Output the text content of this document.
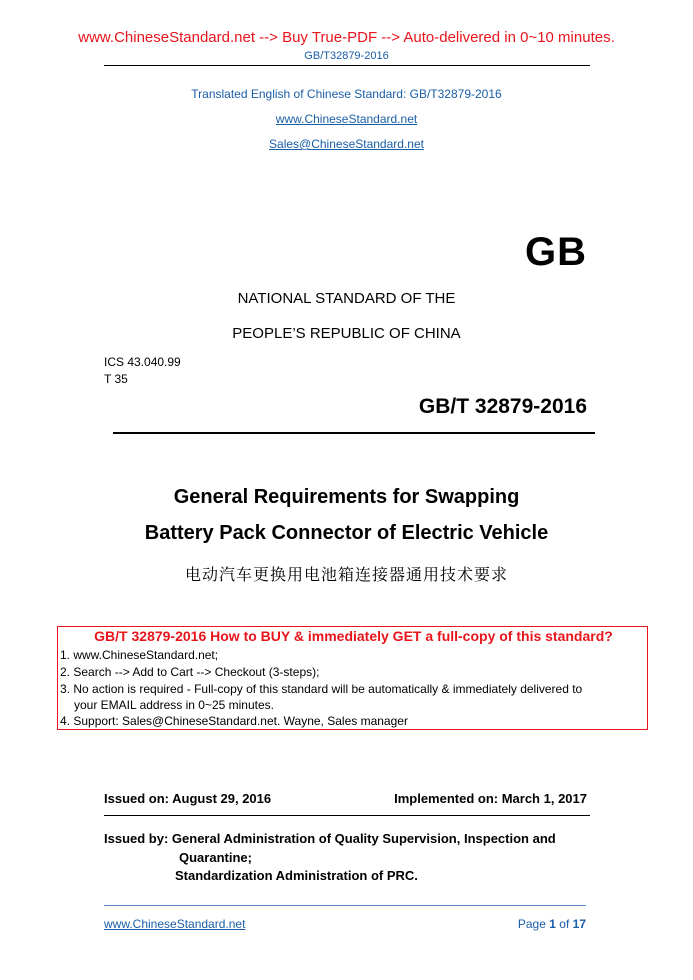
www.ChineseStandard.net --> Buy True-PDF --> Auto-delivered in 0~10 minutes.
GB/T32879-2016
Translated English of Chinese Standard: GB/T32879-2016
www.ChineseStandard.net
Sales@ChineseStandard.net
GB
NATIONAL STANDARD OF THE
PEOPLE’S REPUBLIC OF CHINA
ICS 43.040.99
T 35
GB/T 32879-2016
General Requirements for Swapping
Battery Pack Connector of Electric Vehicle
电动汽车更换用电池箱连接器通用技术要求
GB/T 32879-2016 How to BUY & immediately GET a full-copy of this standard?
1. www.ChineseStandard.net;
2. Search --> Add to Cart --> Checkout (3-steps);
3. No action is required - Full-copy of this standard will be automatically & immediately delivered to
your EMAIL address in 0~25 minutes.
4. Support: Sales@ChineseStandard.net. Wayne, Sales manager
Issued on: August 29, 2016	Implemented on: March 1, 2017
Issued by: General Administration of Quality Supervision, Inspection and
Quarantine;
Standardization Administration of PRC.
www.ChineseStandard.net	Page 1 of 17
